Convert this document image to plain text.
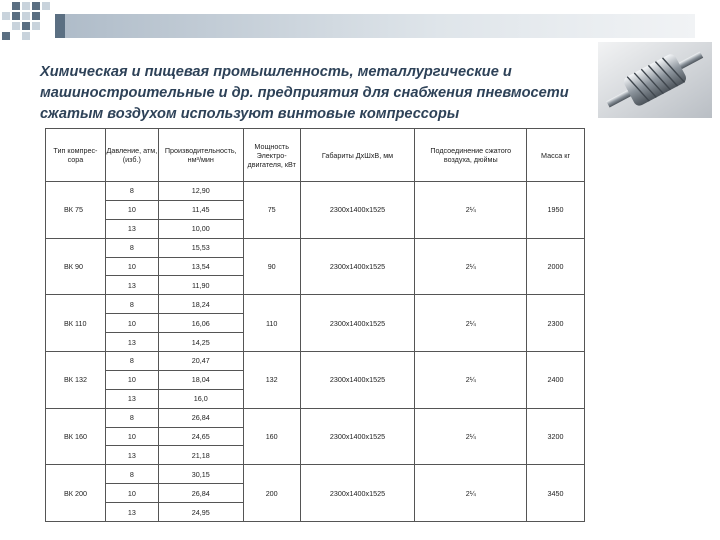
Химическая и пищевая промышленность, металлургические и машиностроительные и др. предприятия для снабжения пневмосети сжатым воздухом используют винтовые компрессоры
Тип компрес-сора	Давление, атм, (изб.)	Производительность, нм³/мин	Мощность Электро-двигателя, кВт	Габариты ДхШхВ, мм	Подсоединение сжатого воздуха, дюймы	Масса кг
ВК 75	8	12,90	75	2300х1400х1525	2¼	1950
	10	11,45				
	13	10,00				
ВК 90	8	15,53	90	2300х1400х1525	2¼	2000
	10	13,54				
	13	11,90				
ВК 110	8	18,24	110	2300х1400х1525	2¼	2300
	10	16,06				
	13	14,25				
ВК 132	8	20,47	132	2300х1400х1525	2¼	2400
	10	18,04				
	13	16,0				
ВК 160	8	26,84	160	2300х1400х1525	2¼	3200
	10	24,65				
	13	21,18				
ВК 200	8	30,15	200	2300х1400х1525	2¼	3450
	10	26,84				
	13	24,95				
